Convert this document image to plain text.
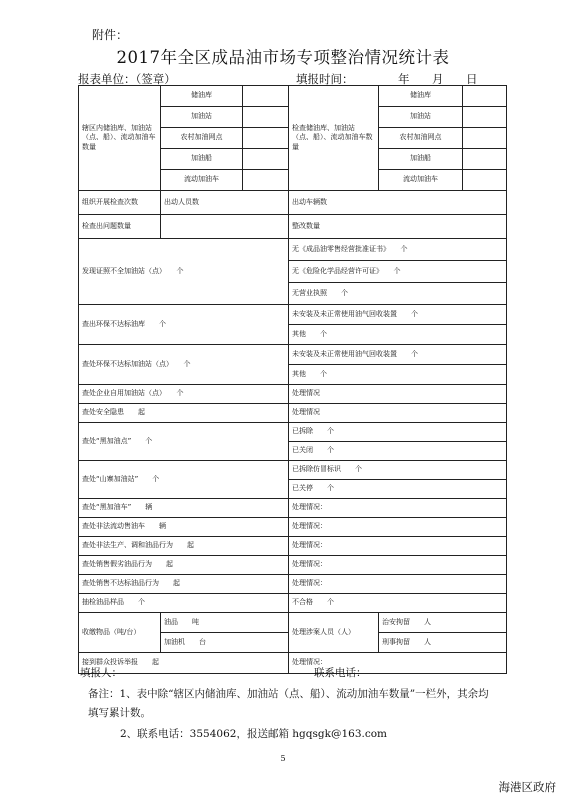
附件：
2017年全区成品油市场专项整治情况统计表
报表单位：（签章）	填报时间：	年 月 日
辖区内储油库、加油站（点、船）、流动加油车数量	储油库		检查储油库、加油站（点、船）、流动加油车数量	储油库	
	加油站			加油站	
	农村加油网点			农村加油网点	
	加油船			加油船	
	流动加油车			流动加油车	
组织开展检查次数	出动人员数		出动车辆数		
检查出问题数量			整改数量		
发现证照不全加油站（点）　　个			无《成品油零售经营批准证书》　　个		
			无《危险化学品经营许可证》　　个		
			无营业执照　　个		
查出环保不达标油库　　个			未安装及未正常使用油气回收装置　　个		
			其他　　个		
查处环保不达标加油站（点）　　个			未安装及未正常使用油气回收装置　　个		
			其他　　个		
查处企业自用加油站（点）　　个			处理情况		
查处安全隐患　　起			处理情况		
查处“黑加油点”　　个			已拆除　　个		
			已关闭　　个		
查处“山寨加油站”　　个			已拆除仿冒标识　　个		
			已关停　　个		
查处“黑加油车”　　辆			处理情况：		
查处非法流动售油车　　辆			处理情况：		
查处非法生产、调和油品行为　　起			处理情况：		
查处销售假劣油品行为　　起			处理情况：		
查处销售不达标油品行为　　起			处理情况：		
抽检油品样品　　个			不合格　　个		
收缴物品（吨/台）	油品　　吨		处理涉案人员（人）	治安拘留　　人	
	加油机　　台			刑事拘留　　人	
接到群众投诉举报　　起			处理情况：		
填报人：	联系电话：
备注：1、表中除“辖区内储油库、加油站（点、船）、流动加油车数量”一栏外，其余均
填写累计数。
2、联系电话：3554062，报送邮箱 hgqsgk@163.com
5
海港区政府
